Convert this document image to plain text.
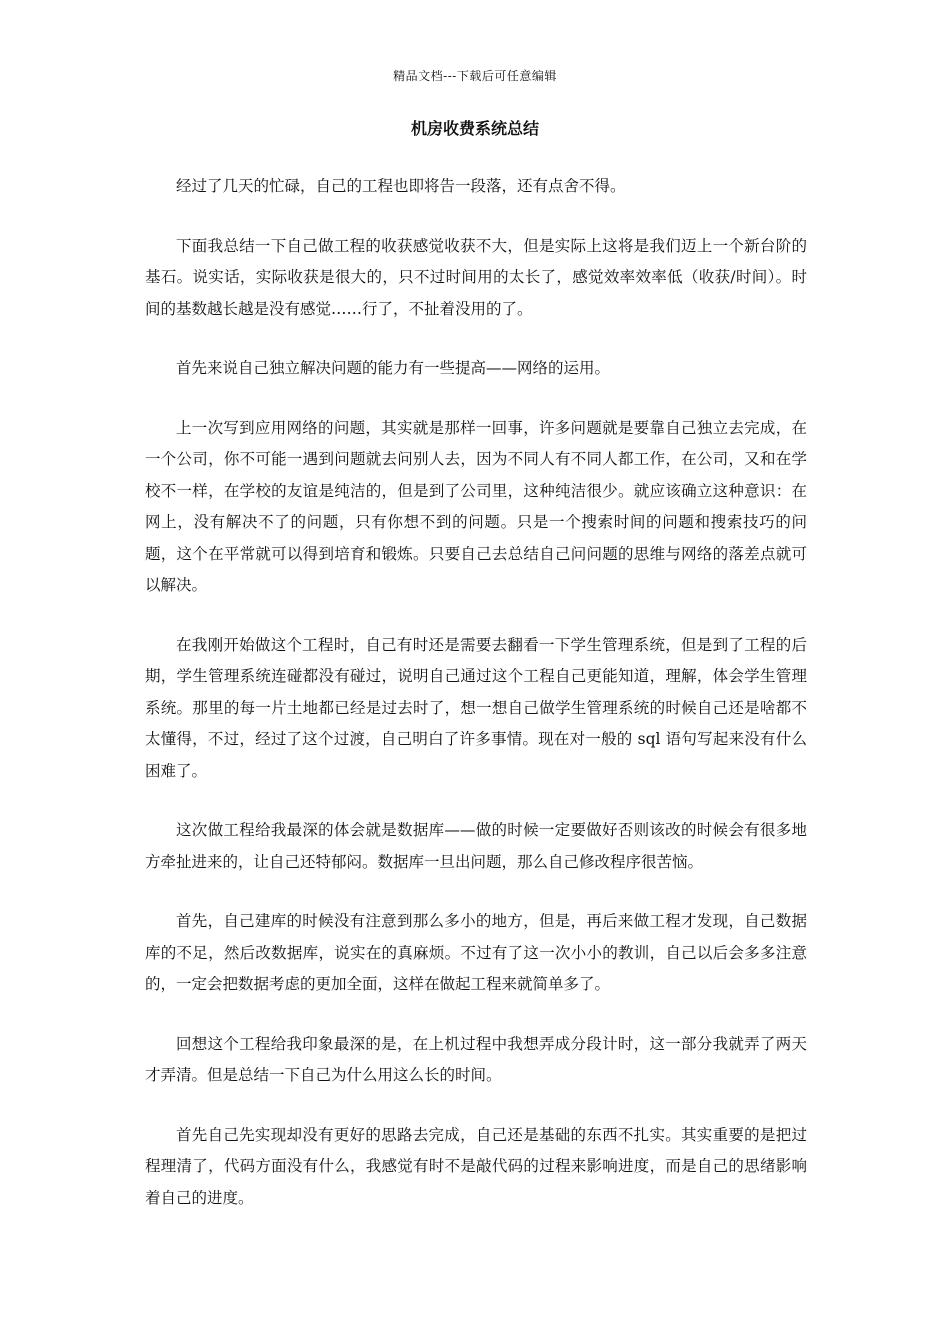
精品文档---下载后可任意编辑
机房收费系统总结

经过了几天的忙碌，自己的工程也即将告一段落，还有点舍不得。

下面我总结一下自己做工程的收获感觉收获不大，但是实际上这将是我们迈上一个新台阶的基石。说实话，实际收获是很大的，只不过时间用的太长了，感觉效率效率低（收获/时间）。时间的基数越长越是没有感觉……行了，不扯着没用的了。

首先来说自己独立解决问题的能力有一些提高——网络的运用。

上一次写到应用网络的问题，其实就是那样一回事，许多问题就是要靠自己独立去完成，在一个公司，你不可能一遇到问题就去问别人去，因为不同人有不同人都工作，在公司，又和在学校不一样，在学校的友谊是纯洁的，但是到了公司里，这种纯洁很少。就应该确立这种意识：在网上，没有解决不了的问题，只有你想不到的问题。只是一个搜索时间的问题和搜索技巧的问题，这个在平常就可以得到培育和锻炼。只要自己去总结自己问问题的思维与网络的落差点就可以解决。

在我刚开始做这个工程时，自己有时还是需要去翻看一下学生管理系统，但是到了工程的后期，学生管理系统连碰都没有碰过，说明自己通过这个工程自己更能知道，理解，体会学生管理系统。那里的每一片土地都已经是过去时了，想一想自己做学生管理系统的时候自己还是啥都不太懂得，不过，经过了这个过渡，自己明白了许多事情。现在对一般的 sql 语句写起来没有什么困难了。

这次做工程给我最深的体会就是数据库——做的时候一定要做好否则该改的时候会有很多地方牵扯进来的，让自己还特郁闷。数据库一旦出问题，那么自己修改程序很苦恼。

首先，自己建库的时候没有注意到那么多小的地方，但是，再后来做工程才发现，自己数据库的不足，然后改数据库，说实在的真麻烦。不过有了这一次小小的教训，自己以后会多多注意的，一定会把数据考虑的更加全面，这样在做起工程来就简单多了。

回想这个工程给我印象最深的是，在上机过程中我想弄成分段计时，这一部分我就弄了两天才弄清。但是总结一下自己为什么用这么长的时间。

首先自己先实现却没有更好的思路去完成，自己还是基础的东西不扎实。其实重要的是把过程理清了，代码方面没有什么，我感觉有时不是敲代码的过程来影响进度，而是自己的思绪影响着自己的进度。
